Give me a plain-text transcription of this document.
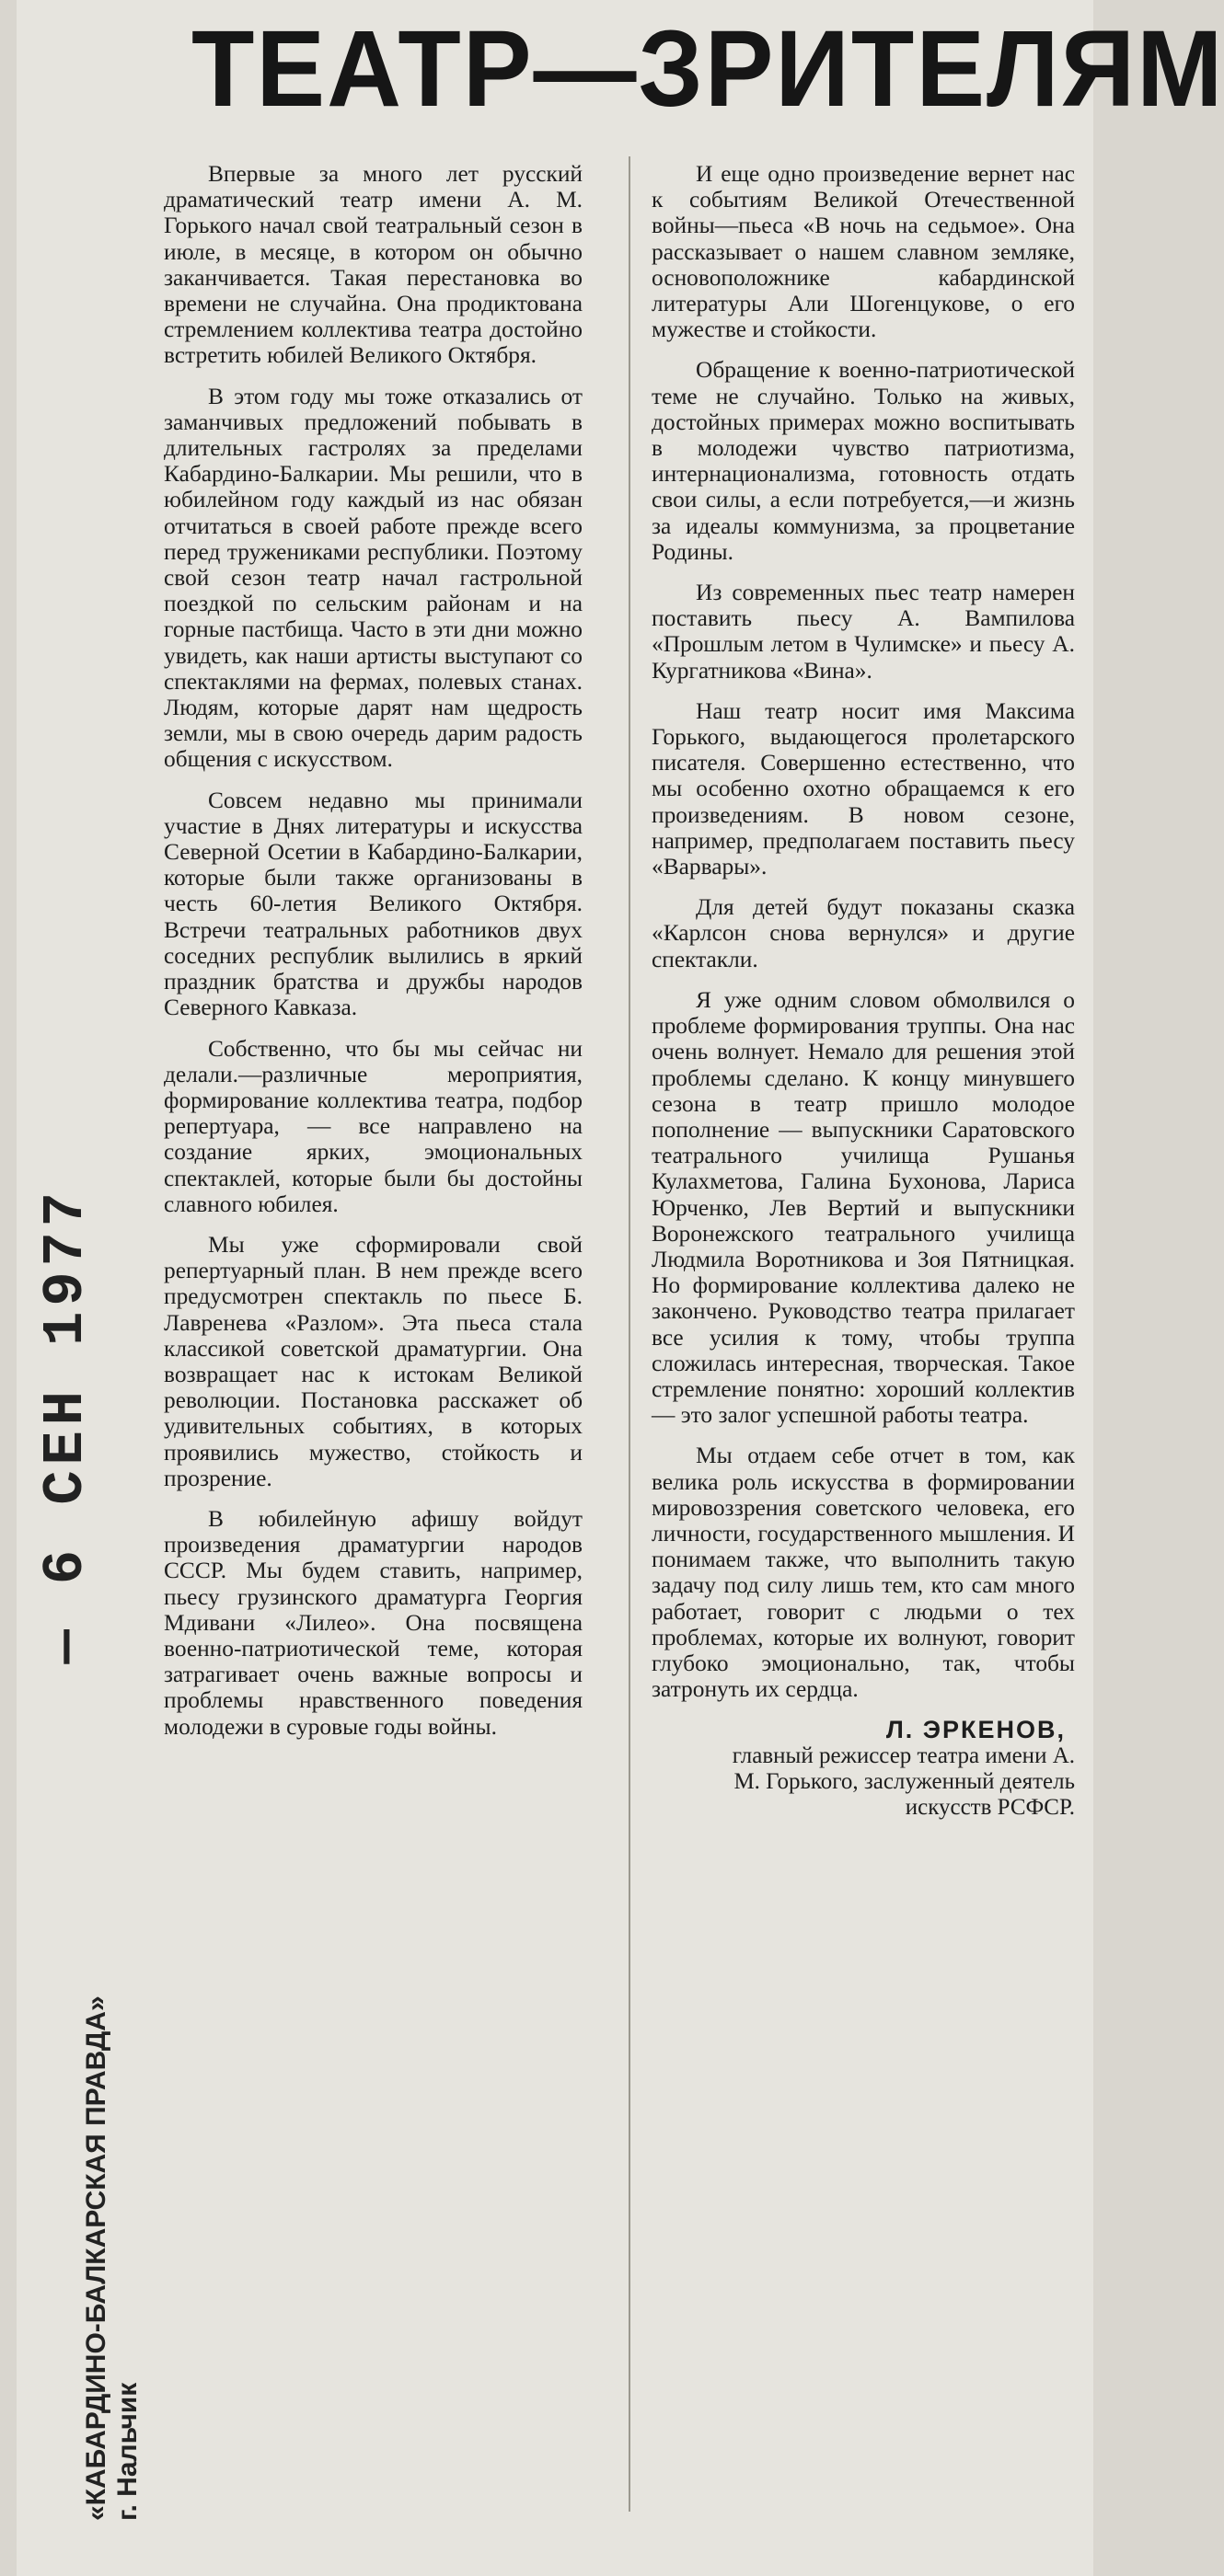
— 6 СЕН 1977
«КАБАРДИНО-БАЛКАРСКАЯ ПРАВДА» г. Нальчик
ТЕАТР—ЗРИТЕЛЯМ

Впервые за много лет русский драматический театр имени А. М. Горького начал свой театральный сезон в июле, в месяце, в котором он обычно заканчивается. Такая перестановка во времени не случайна. Она продиктована стремлением коллектива театра достойно встретить юбилей Великого Октября.

В этом году мы тоже отказались от заманчивых предложений побывать в длительных гастролях за пределами Кабардино-Балкарии. Мы решили, что в юбилейном году каждый из нас обязан отчитаться в своей работе прежде всего перед тружениками республики. Поэтому свой сезон театр начал гастрольной поездкой по сельским районам и на горные пастбища. Часто в эти дни можно увидеть, как наши артисты выступают со спектаклями на фермах, полевых станах. Людям, которые дарят нам щедрость земли, мы в свою очередь дарим радость общения с искусством.

Совсем недавно мы принимали участие в Днях литературы и искусства Северной Осетии в Кабардино-Балкарии, которые были также организованы в честь 60-летия Великого Октября. Встречи театральных работников двух соседних республик вылились в яркий праздник братства и дружбы народов Северного Кавказа.

Собственно, что бы мы сейчас ни делали.—различные мероприятия, формирование коллектива театра, подбор репертуара, — все направлено на создание ярких, эмоциональных спектаклей, которые были бы достойны славного юбилея.

Мы уже сформировали свой репертуарный план. В нем прежде всего предусмотрен спектакль по пьесе Б. Лавренева «Разлом». Эта пьеса стала классикой советской драматургии. Она возвращает нас к истокам Великой революции. Постановка расскажет об удивительных событиях, в которых проявились мужество, стойкость и прозрение.

В юбилейную афишу войдут произведения драматургии народов СССР. Мы будем ставить, например, пьесу грузинского драматурга Георгия Мдивани «Лилео». Она посвящена военно-патриотической теме, которая затрагивает очень важные вопросы и проблемы нравственного поведения молодежи в суровые годы войны.

И еще одно произведение вернет нас к событиям Великой Отечественной войны—пьеса «В ночь на седьмое». Она рассказывает о нашем славном земляке, основоположнике кабардинской литературы Али Шогенцукове, о его мужестве и стойкости.

Обращение к военно-патриотической теме не случайно. Только на живых, достойных примерах можно воспитывать в молодежи чувство патриотизма, интернационализма, готовность отдать свои силы, а если потребуется,—и жизнь за идеалы коммунизма, за процветание Родины.

Из современных пьес театр намерен поставить пьесу А. Вампилова «Прошлым летом в Чулимске» и пьесу А. Кургатникова «Вина».

Наш театр носит имя Максима Горького, выдающегося пролетарского писателя. Совершенно естественно, что мы особенно охотно обращаемся к его произведениям. В новом сезоне, например, предполагаем поставить пьесу «Варвары».

Для детей будут показаны сказка «Карлсон снова вернулся» и другие спектакли.

Я уже одним словом обмолвился о проблеме формирования труппы. Она нас очень волнует. Немало для решения этой проблемы сделано. К концу минувшего сезона в театр пришло молодое пополнение — выпускники Саратовского театрального училища Рушанья Кулахметова, Галина Бухонова, Лариса Юрченко, Лев Вертий и выпускники Воронежского театрального училища Людмила Воротникова и Зоя Пятницкая. Но формирование коллектива далеко не закончено. Руководство театра прилагает все усилия к тому, чтобы труппа сложилась интересная, творческая. Такое стремление понятно: хороший коллектив — это залог успешной работы театра.

Мы отдаем себе отчет в том, как велика роль искусства в формировании мировоззрения советского человека, его личности, государственного мышления. И понимаем также, что выполнить такую задачу под силу лишь тем, кто сам много работает, говорит с людьми о тех проблемах, которые их волнуют, говорит глубоко эмоционально, так, чтобы затронуть их сердца.

Л. ЭРКЕНОВ,
главный режиссер театра имени А. М. Горького, заслуженный деятель искусств РСФСР.
